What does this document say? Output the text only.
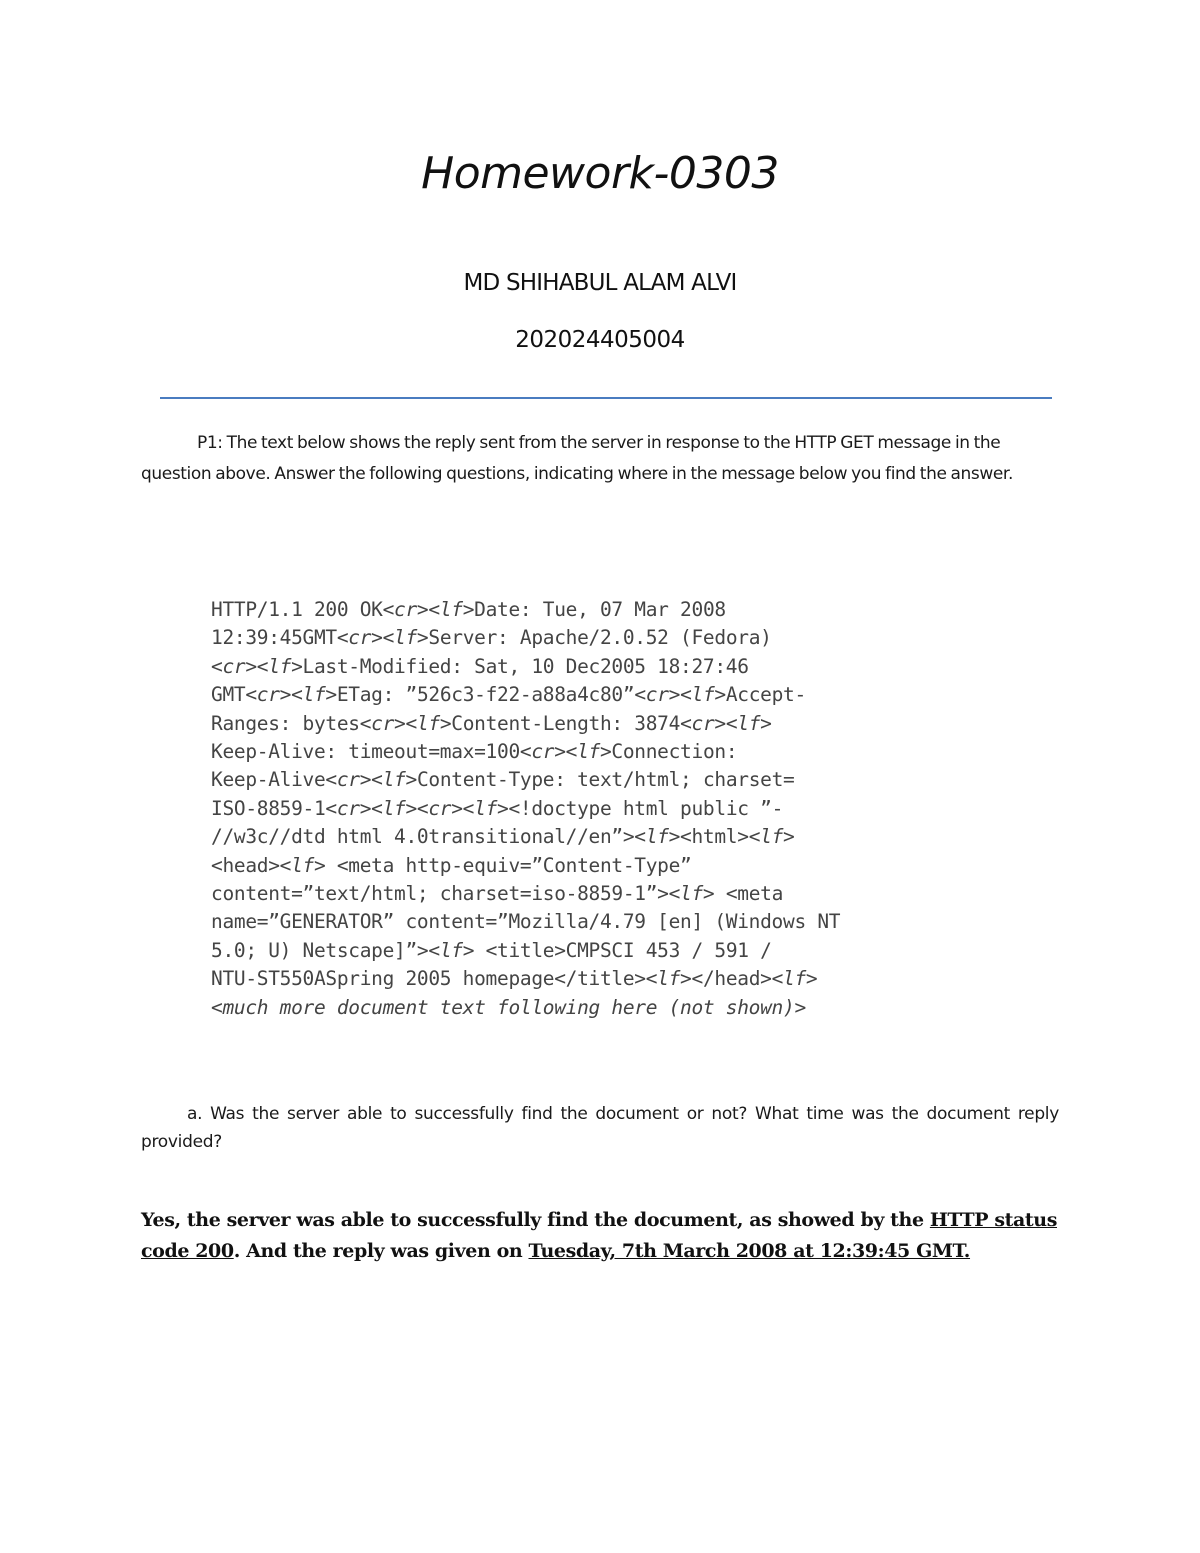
Homework-0303
MD SHIHABUL ALAM ALVI
202024405004
P1: The text below shows the reply sent from the server in response to the HTTP GET message in the question above. Answer the following questions, indicating where in the message below you find the answer.
HTTP/1.1 200 OK<cr><lf>Date: Tue, 07 Mar 2008
12:39:45GMT<cr><lf>Server: Apache/2.0.52 (Fedora)
<cr><lf>Last-Modified: Sat, 10 Dec2005 18:27:46
GMT<cr><lf>ETag: ”526c3-f22-a88a4c80”<cr><lf>Accept-
Ranges: bytes<cr><lf>Content-Length: 3874<cr><lf>
Keep-Alive: timeout=max=100<cr><lf>Connection:
Keep-Alive<cr><lf>Content-Type: text/html; charset=
ISO-8859-1<cr><lf><cr><lf><!doctype html public ”-
//w3c//dtd html 4.0transitional//en”><lf><html><lf>
<head><lf> <meta http-equiv=”Content-Type”
content=”text/html; charset=iso-8859-1”><lf> <meta
name=”GENERATOR” content=”Mozilla/4.79 [en] (Windows NT
5.0; U) Netscape]”><lf> <title>CMPSCI 453 / 591 /
NTU-ST550ASpring 2005 homepage</title><lf></head><lf>
<much more document text following here (not shown)>
a. Was the server able to successfully find the document or not? What time was the document reply provided?
Yes, the server was able to successfully find the document, as showed by the HTTP status code 200. And the reply was given on Tuesday, 7th March 2008 at 12:39:45 GMT.
